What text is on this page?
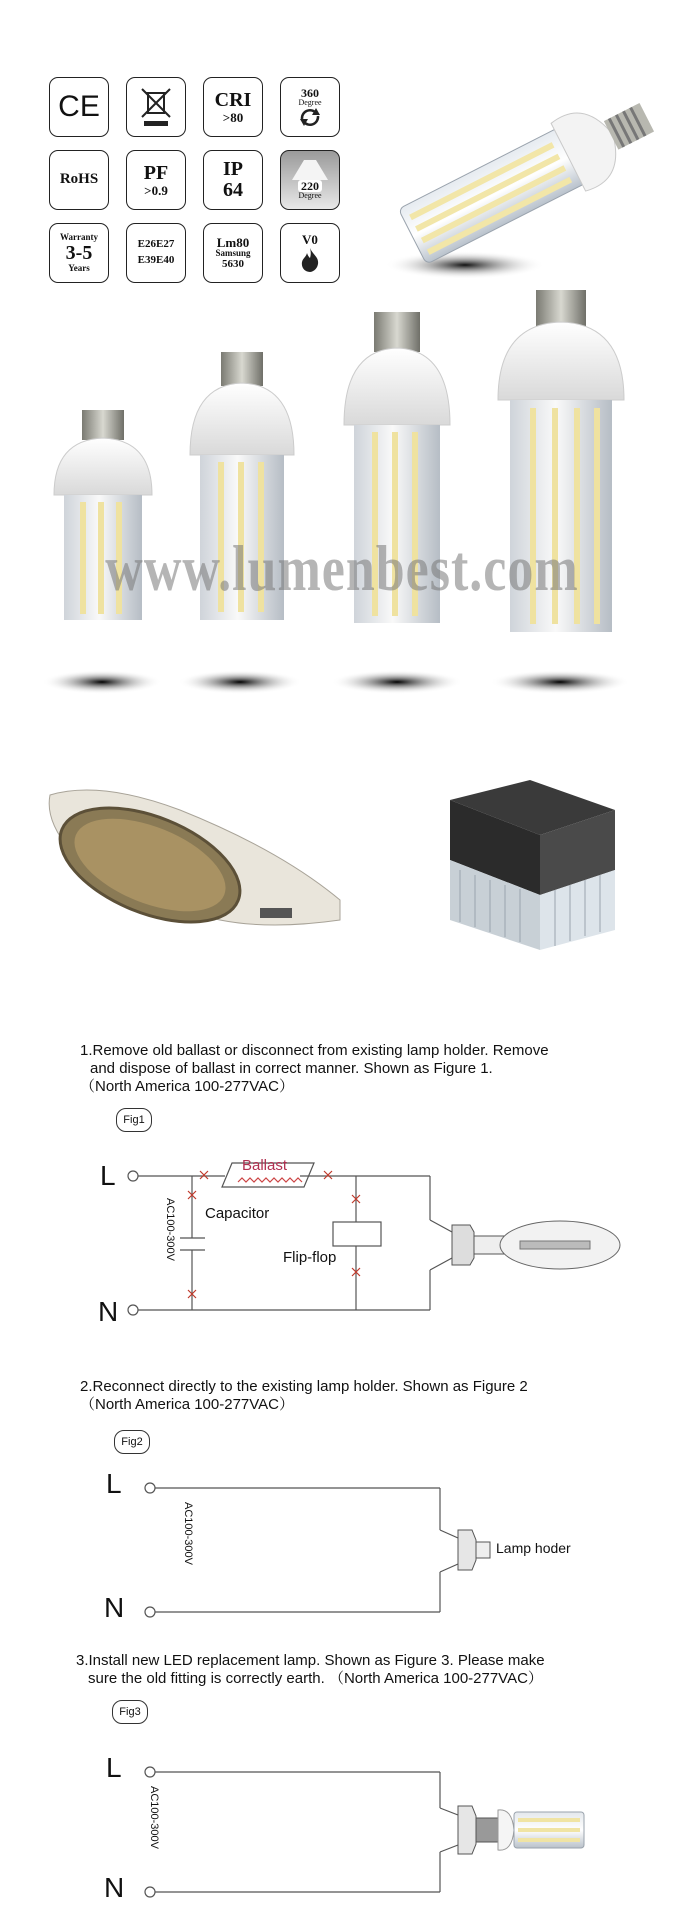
CE	CRI
>80
360
Degree
RoHS PF
>0.9
IP
64	220
Degree
Warranty
3-5
Years
E26E27
E39E40
Lm80
Samsung
5630
V0
www.lumenbest.com
1.Remove old ballast or disconnect from existing lamp holder. Remove
and dispose of ballast in correct manner. Shown as Figure 1.
（North America 100-277VAC）
Fig1
L
N
AC100-300V
Ballast
Capacitor
Flip-flop
2.Reconnect directly to the existing lamp holder. Shown as Figure 2
（North America 100-277VAC）
Fig2
L
N
AC100-300V	Lamp hoder
3.Install new LED replacement lamp. Shown as Figure 3. Please make
sure the old fitting is correctly earth. （North America 100-277VAC）
Fig3
L
N
AC100-300V
